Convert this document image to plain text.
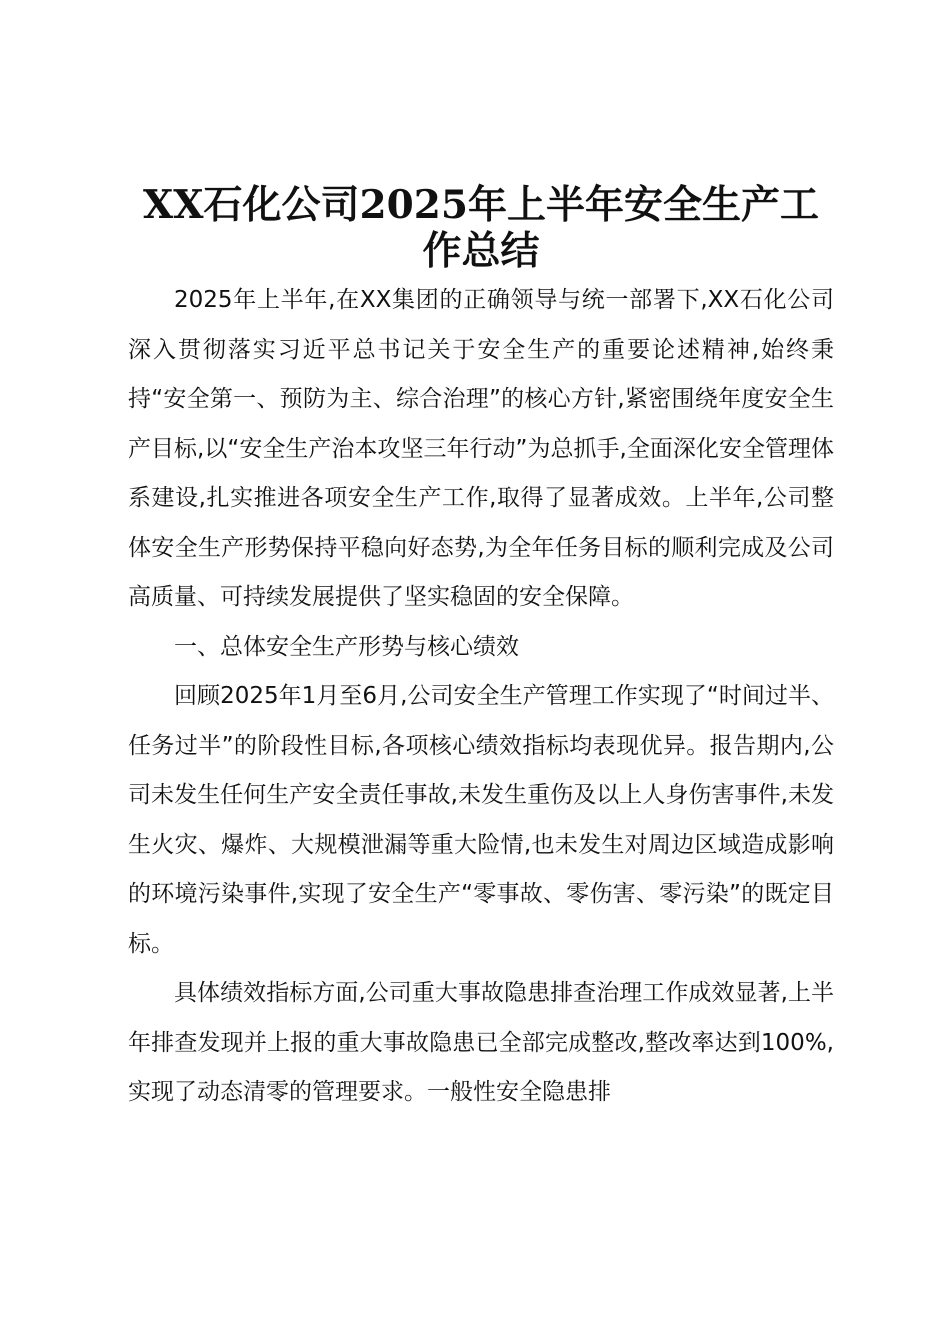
XX石化公司2025年上半年安全生产工作总结

2025年上半年,在XX集团的正确领导与统一部署下,XX石化公司深入贯彻落实习近平总书记关于安全生产的重要论述精神,始终秉持“安全第一、预防为主、综合治理”的核心方针,紧密围绕年度安全生产目标,以“安全生产治本攻坚三年行动”为总抓手,全面深化安全管理体系建设,扎实推进各项安全生产工作,取得了显著成效。上半年,公司整体安全生产形势保持平稳向好态势,为全年任务目标的顺利完成及公司高质量、可持续发展提供了坚实稳固的安全保障。

一、总体安全生产形势与核心绩效

回顾2025年1月至6月,公司安全生产管理工作实现了“时间过半、任务过半”的阶段性目标,各项核心绩效指标均表现优异。报告期内,公司未发生任何生产安全责任事故,未发生重伤及以上人身伤害事件,未发生火灾、爆炸、大规模泄漏等重大险情,也未发生对周边区域造成影响的环境污染事件,实现了安全生产“零事故、零伤害、零污染”的既定目标。

具体绩效指标方面,公司重大事故隐患排查治理工作成效显著,上半年排查发现并上报的重大事故隐患已全部完成整改,整改率达到100%,实现了动态清零的管理要求。一般性安全隐患排
